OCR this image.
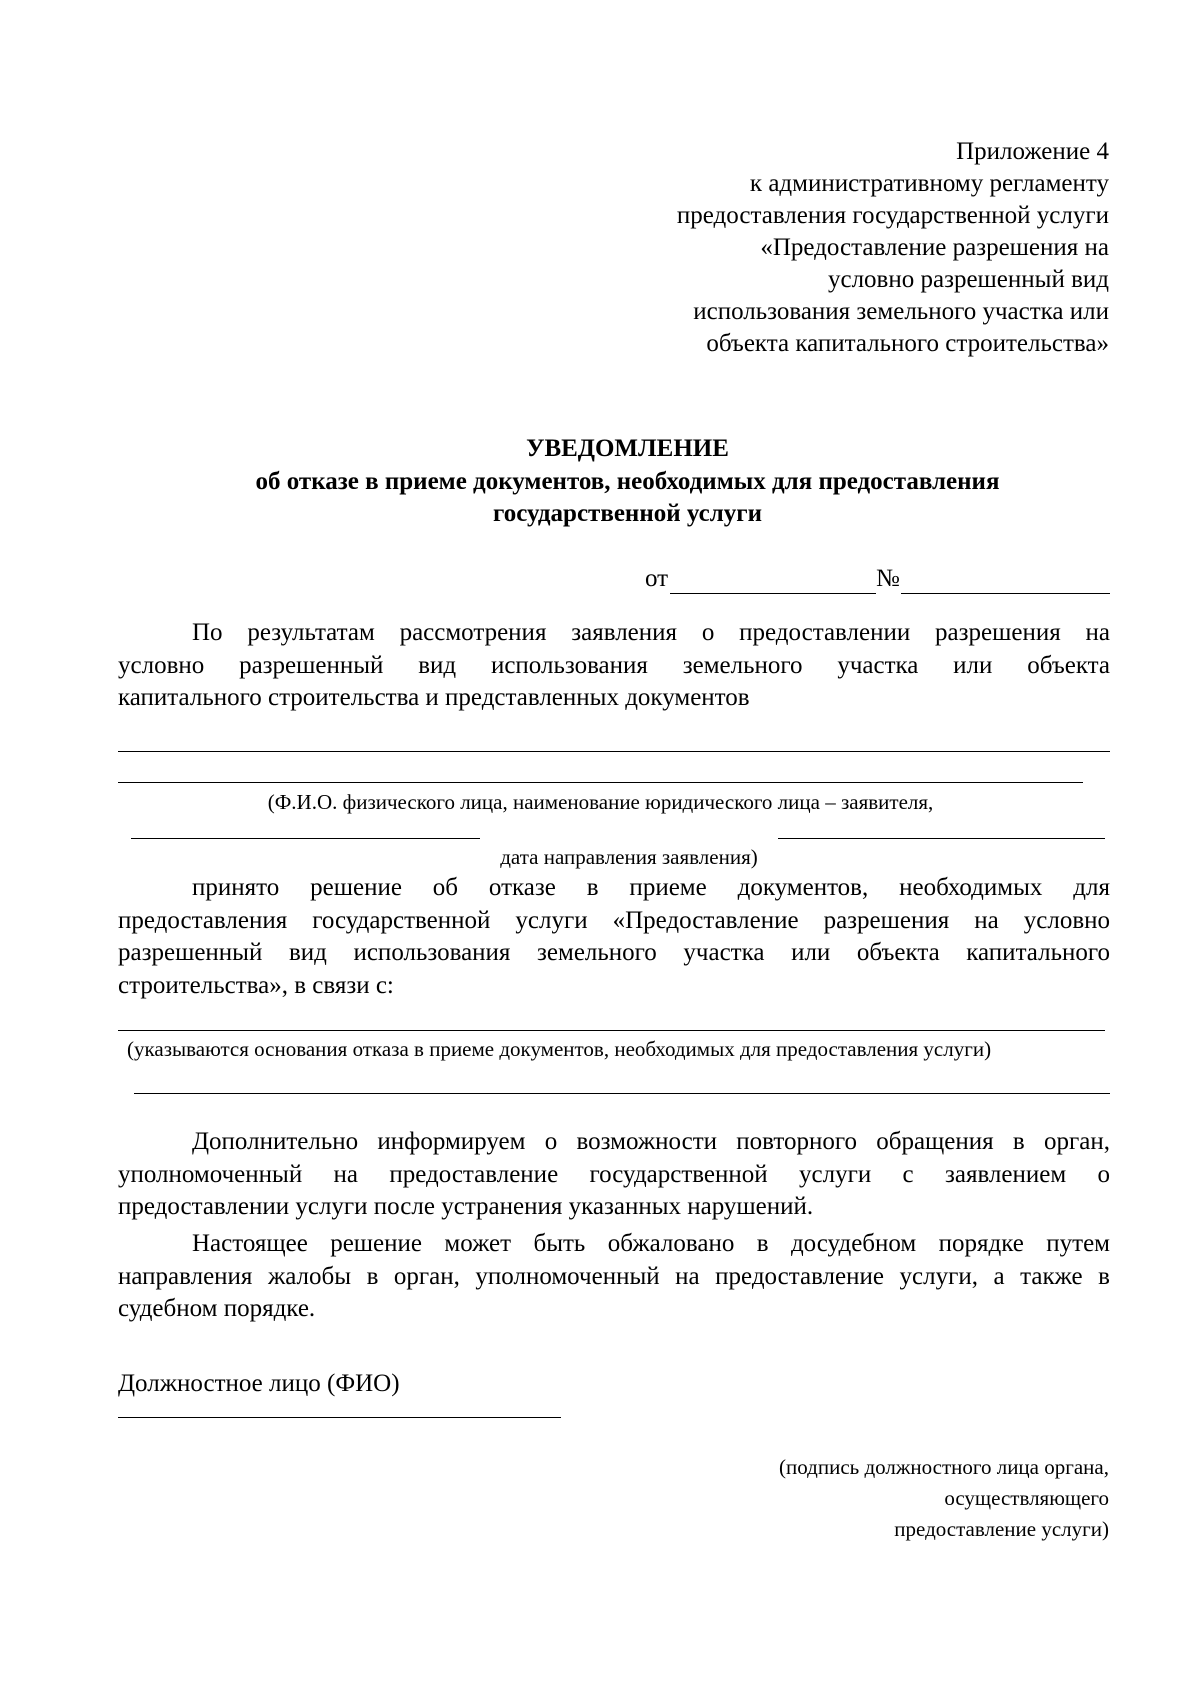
Приложение 4
к административному регламенту
предоставления государственной услуги
«Предоставление разрешения на
условно разрешенный вид
использования земельного участка или
объекта капитального строительства»
УВЕДОМЛЕНИЕ
об отказе в приеме документов, необходимых для предоставления
государственной услуги
от	№

По результатам рассмотрения заявления о предоставлении разрешения на
условно разрешенный вид использования земельного участка или объекта
капитального строительства и представленных документов

(Ф.И.О. физического лица, наименование юридического лица – заявителя,
дата направления заявления)

принято решение об отказе в приеме документов, необходимых для
предоставления государственной услуги «Предоставление разрешения на условно
разрешенный вид использования земельного участка или объекта капитального
строительства», в связи с:

(указываются основания отказа в приеме документов, необходимых для предоставления услуги)

Дополнительно информируем о возможности повторного обращения в орган,
уполномоченный на предоставление государственной услуги с заявлением о
предоставлении услуги после устранения указанных нарушений.

Настоящее решение может быть обжаловано в досудебном порядке путем
направления жалобы в орган, уполномоченный на предоставление услуги, а также в
судебном порядке.

Должностное лицо (ФИО)
(подпись должностного лица органа,
осуществляющего
предоставление услуги)
